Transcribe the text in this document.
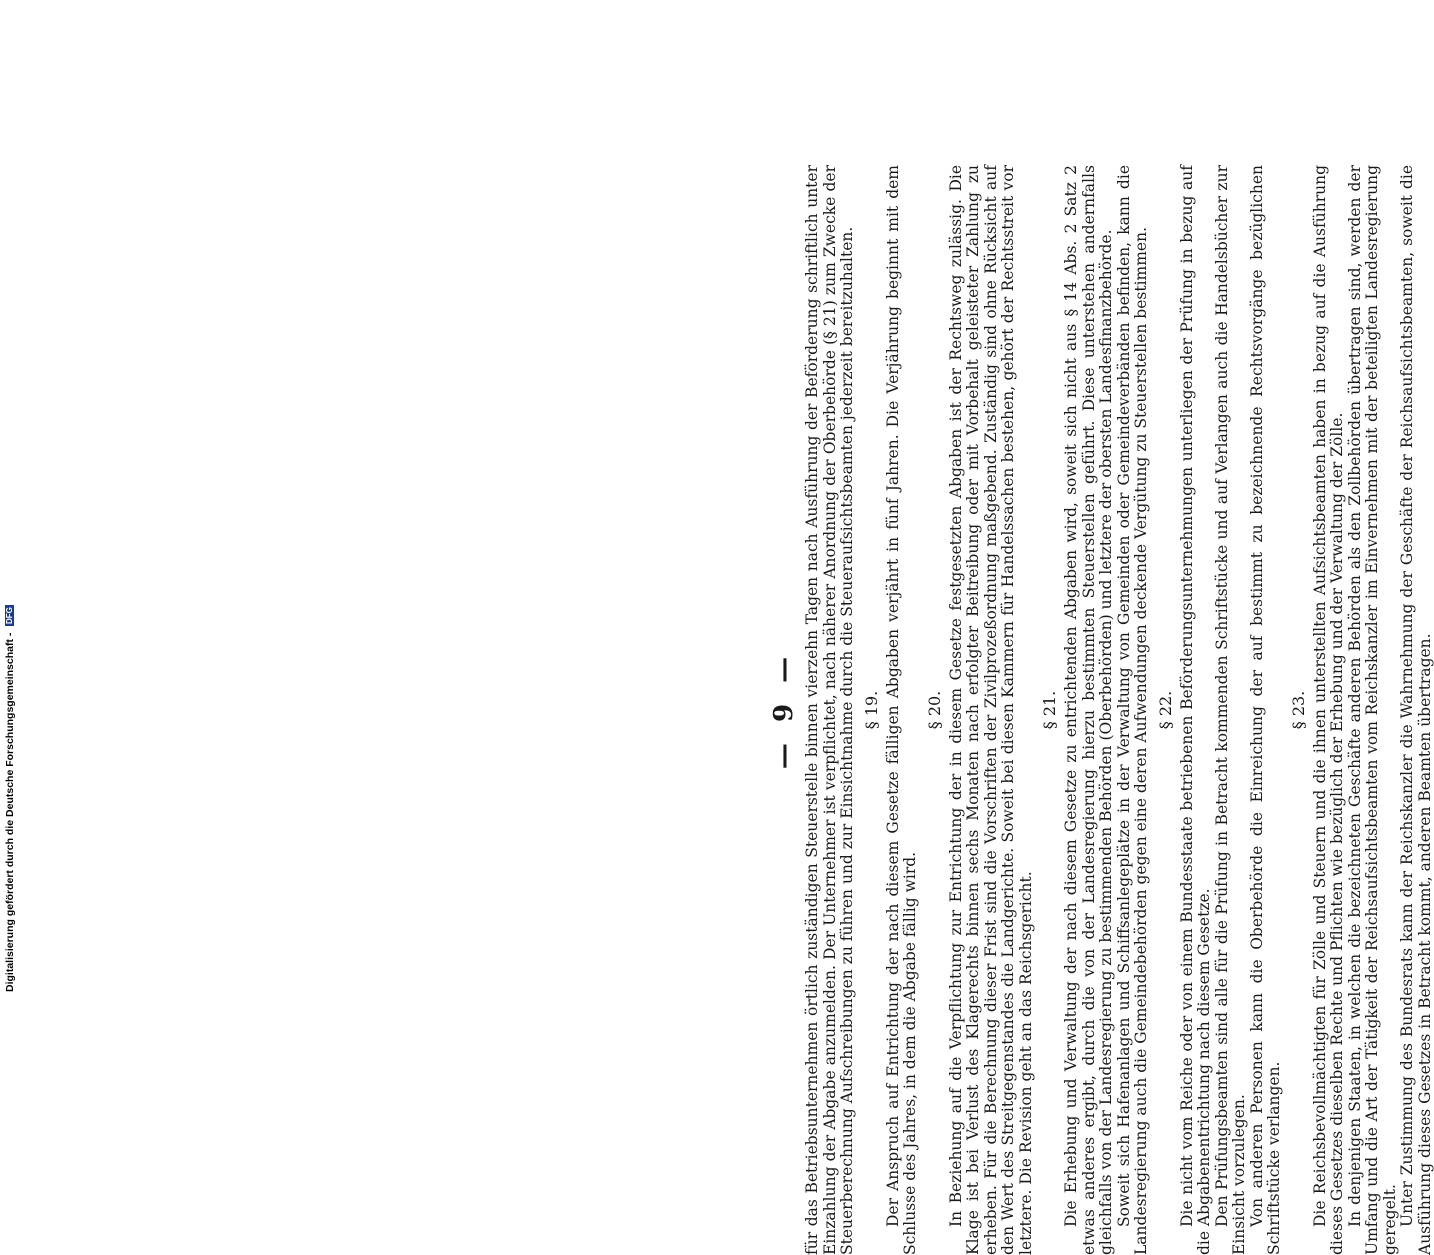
— 9 — für das Betriebsunternehmen örtlich zuständigen Steuerstelle binnen vierzehn Tagen nach Ausführung der Beförderung schriftlich unter Einzahlung der Abgabe anzumelden. Der Unternehmer ist verpflichtet, nach näherer Anordnung der Oberbehörde (§ 21) zum Zwecke der Steuerberechnung Aufschreibungen zu führen und zur Einsichtnahme durch die Steueraufsichtsbeamten jederzeit bereitzuhalten. § 19. Der Anspruch auf Entrichtung der nach diesem Gesetze fälligen Abgaben verjährt in fünf Jahren. Die Verjährung beginnt mit dem Schlusse des Jahres, in dem die Abgabe fällig wird.

§ 20. In Beziehung auf die Verpflichtung zur Entrichtung der in diesem Gesetze festgesetzten Abgaben ist der Rechtsweg zulässig. Die Klage ist bei Verlust des Klagerechts binnen sechs Monaten nach erfolgter Beitreibung oder mit Vorbehalt geleisteter Zahlung zu erheben. Für die Berechnung dieser Frist sind die Vorschriften der Zivilprozeßordnung maßgebend. Zuständig sind ohne Rücksicht auf den Wert des Streitgegenstandes die Landgerichte. Soweit bei diesen Kammern für Handelssachen bestehen, gehört der Rechtsstreit vor letztere. Die Revision geht an das Reichsgericht.

§ 21. Die Erhebung und Verwaltung der nach diesem Gesetze zu entrichtenden Abgaben wird, soweit sich nicht aus § 14 Abs. 2 Satz 2 etwas anderes ergibt, durch die von der Landesregierung hierzu bestimmten Steuerstellen geführt. Diese unterstehen andernfalls gleichfalls von der Landesregierung zu bestimmenden Behörden (Oberbehörden) und letztere der obersten Landesfinanzbehörde. Soweit sich Hafenanlagen und Schiffsanlegeplätze in der Verwaltung von Gemeinden oder Gemeindeverbänden befinden, kann die Landesregierung auch die Gemeindebehörden gegen eine deren Aufwendungen deckende Vergütung zu Steuerstellen bestimmen. § 22. Die nicht vom Reiche oder von einem Bundesstaate betriebenen Beförderungsunternehmungen unterliegen der Prüfung in bezug auf die Abgabenentrichtung nach diesem Gesetze. Den Prüfungsbeamten sind alle für die Prüfung in Betracht kommenden Schriftstücke und auf Verlangen auch die Handelsbücher zur Einsicht vorzulegen. Von anderen Personen kann die Oberbehörde die Einreichung der auf bestimmt zu bezeichnende Rechtsvorgänge bezüglichen Schriftstücke verlangen.

§ 23. Die Reichsbevollmächtigten für Zölle und Steuern und die ihnen unterstellten Aufsichtsbeamten haben in bezug auf die Ausführung dieses Gesetzes dieselben Rechte und Pflichten wie bezüglich der Erhebung und der Verwaltung der Zölle. In denjenigen Staaten, in welchen die bezeichneten Geschäfte anderen Behörden als den Zollbehörden übertragen sind, werden der Umfang und die Art der Tätigkeit der Reichsaufsichtsbeamten vom Reichskanzler im Einvernehmen mit der beteiligten Landesregierung geregelt. Unter Zustimmung des Bundesrats kann der Reichskanzler die Wahrnehmung der Geschäfte der Reichsaufsichtsbeamten, soweit die Ausführung dieses Gesetzes in Betracht kommt, anderen Beamten übertragen.

Digitalisierung gefördert durch die Deutsche Forschungsgemeinschaft - DFG
